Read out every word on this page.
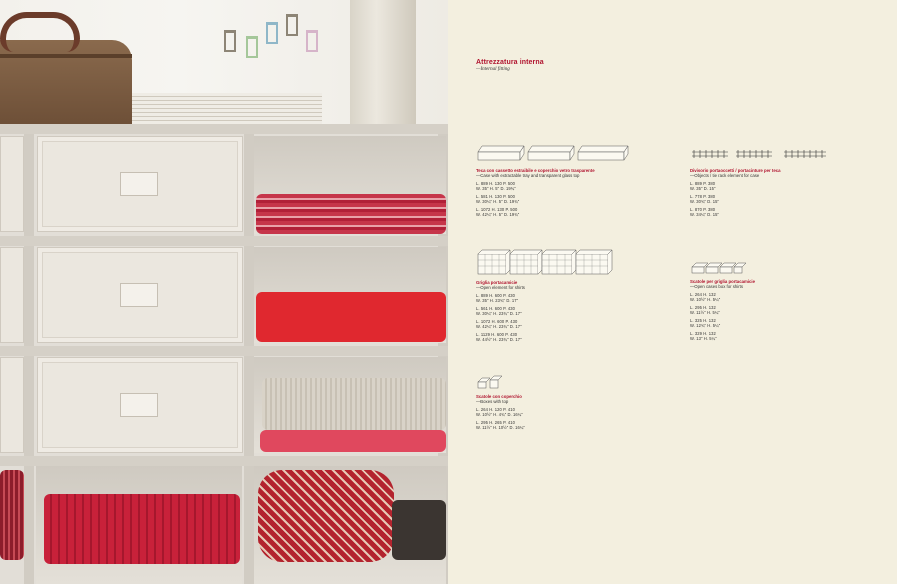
Attrezzatura interna
—Internal fitting
Teca con cassetto estraibile e coperchio vetro trasparente
—Case with extractable tray and transparent glass top
L. 889 H. 130 P. 500
W. 35" H. 5" D. 19¾"
L. 581 H. 130 P. 500
W. 30¼" H. 5" D. 19¾"
L. 1072 H. 130 P. 500
W. 42¼" H. 5" D. 19¾"
Divisorio portaoccetti / portacinture per teca
—Objects / tie rack element for case
L. 889 P. 380
W. 35" D. 15"
L. 778 P. 380
W. 30¾" D. 15"
L. 870 P. 380
W. 34¼" D. 15"
Griglia portacamicie
—Open element for shirts
L. 889 H. 600 P. 430
W. 35" H. 23¾" D. 17"
L. 561 H. 600 P. 430
W. 30¼" H. 23¾" D. 17"
L. 1072 H. 600 P. 430
W. 42¼" H. 23¾" D. 17"
L. 1129 H. 600 P. 430
W. 44½" H. 23¾" D. 17"
Scatole per griglia portacamicie
—Open cases box for shirts
L. 264 H. 132
W. 10½" H. 5¼"
L. 295 H. 132
W. 11½" H. 5¼"
L. 325 H. 132
W. 12¾" H. 5¼"
L. 329 H. 132
W. 13" H. 5¼"
Scatole con coperchio
—Boxes with top
L. 264 H. 120 P. 410
W. 10½" H. 4¾" D. 16¼"
L. 295 H. 265 P. 410
W. 11½" H. 10½" D. 16¼"
